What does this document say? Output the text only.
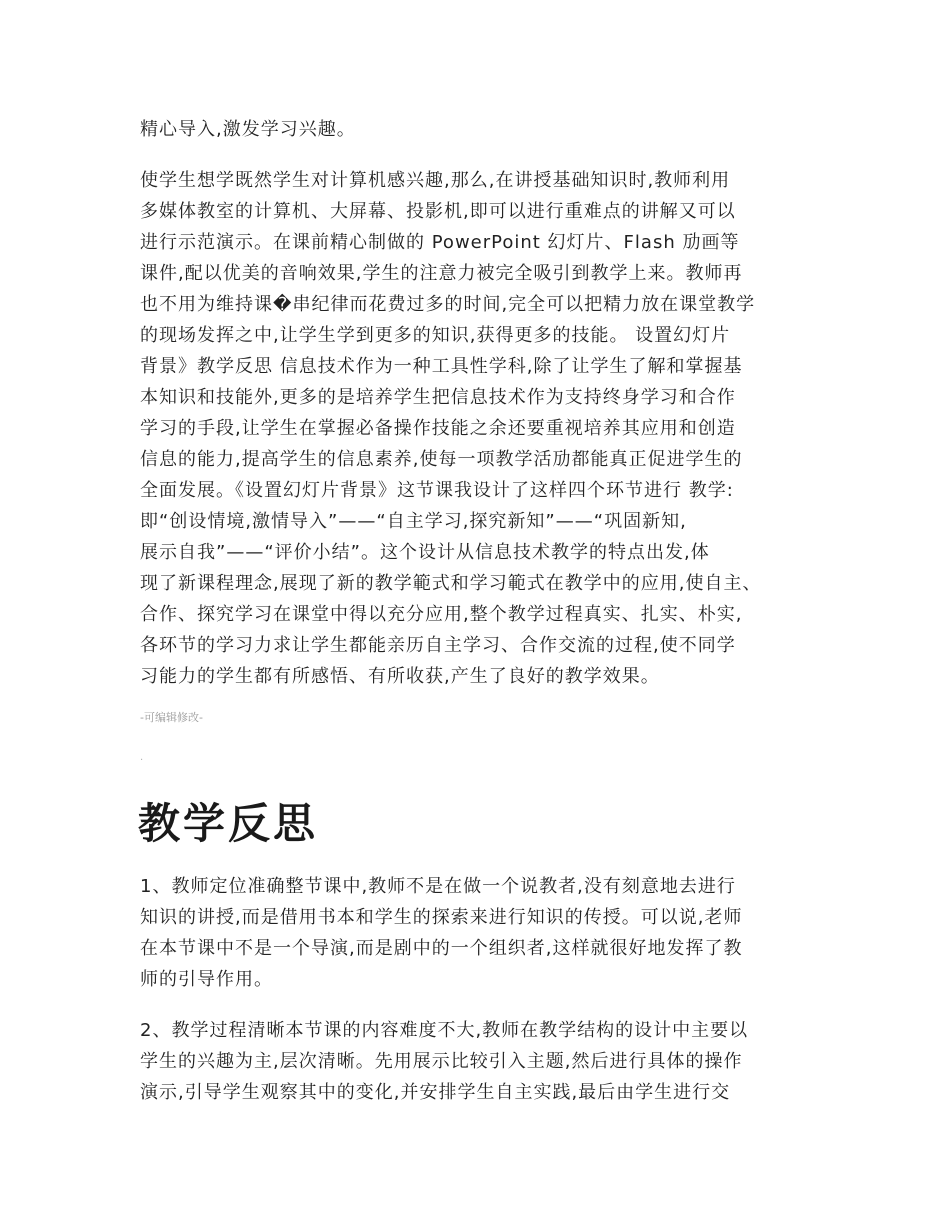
精心导入,激发学习兴趣。
使学生想学既然学生对计算机感兴趣,那么,在讲授基础知识时,教师利用
多媒体教室的计算机、大屏幕、投影机,即可以进行重难点的讲解又可以
进行示范演示。在课前精心制做的 PowerPoint 幻灯片、Flash 劢画等
课件,配以优美的音响效果,学生的注意力被完全吸引到教学上来。教师再
也不用为维持课�串纪律而花费过多的时间,完全可以把精力放在课堂教学
的现场发挥之中,让学生学到更多的知识,获得更多的技能。 设置幻灯片
背景》教学反思 信息技术作为一种工具性学科,除了让学生了解和掌握基
本知识和技能外,更多的是培养学生把信息技术作为支持终身学习和合作
学习的手段,让学生在掌握必备操作技能之余还要重视培养其应用和创造
信息的能力,提高学生的信息素养,使每一项教学活劢都能真正促进学生的
全面发展。《设置幻灯片背景》这节课我设计了这样四个环节进行 教学:
即“创设情境,激情导入”——“自主学习,探究新知”——“巩固新知,
展示自我”——“评价小结”。这个设计从信息技术教学的特点出发,体
现了新课程理念,展现了新的教学範式和学习範式在教学中的应用,使自主、
合作、探究学习在课堂中得以充分应用,整个教学过程真实、扎实、朴实,
各环节的学习力求让学生都能亲历自主学习、合作交流的过程,使不同学
习能力的学生都有所感悟、有所收获,产生了良好的教学效果。
-可编辑修改-
.
教学反思
1、教师定位准确整节课中,教师不是在做一个说教者,没有刻意地去进行
知识的讲授,而是借用书本和学生的探索来进行知识的传授。可以说,老师
在本节课中不是一个导演,而是剧中的一个组织者,这样就很好地发挥了教
师的引导作用。
2、教学过程清晰本节课的内容难度不大,教师在教学结构的设计中主要以
学生的兴趣为主,层次清晰。先用展示比较引入主题,然后进行具体的操作
演示,引导学生观察其中的变化,并安排学生自主实践,最后由学生进行交
